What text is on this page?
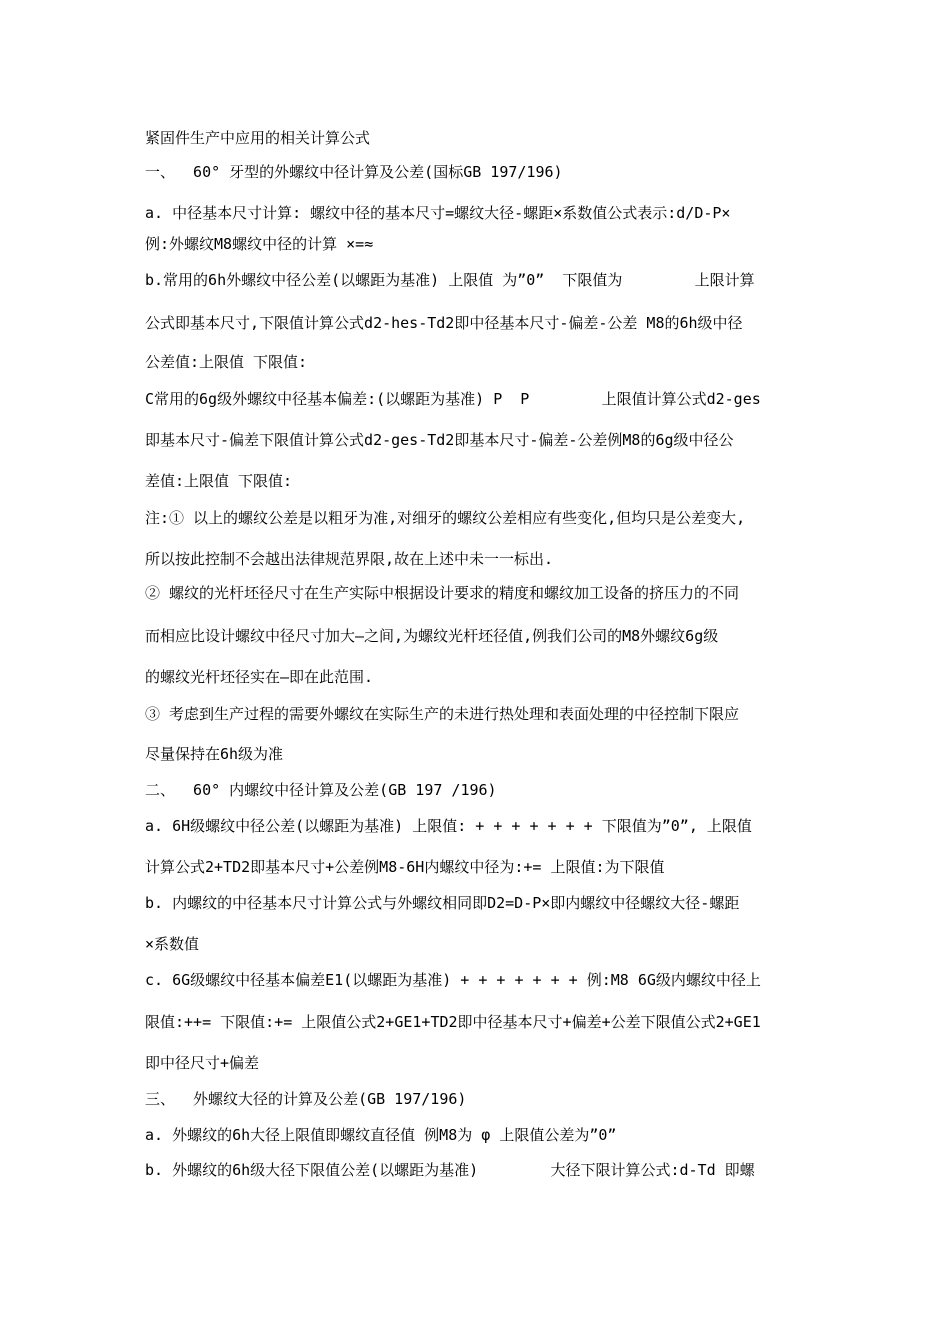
紧固件生产中应用的相关计算公式
一、  60° 牙型的外螺纹中径计算及公差(国标GB 197/196)
a. 中径基本尺寸计算: 螺纹中径的基本尺寸=螺纹大径-螺距×系数值公式表示:d/D-P×
例:外螺纹M8螺纹中径的计算 ×=≈
b.常用的6h外螺纹中径公差(以螺距为基准) 上限值 为”0”  下限值为        上限计算
公式即基本尺寸,下限值计算公式d2-hes-Td2即中径基本尺寸-偏差-公差 M8的6h级中径
公差值:上限值 下限值:
C常用的6g级外螺纹中径基本偏差:(以螺距为基准) P  P        上限值计算公式d2-ges
即基本尺寸-偏差下限值计算公式d2-ges-Td2即基本尺寸-偏差-公差例M8的6g级中径公
差值:上限值 下限值:
注:① 以上的螺纹公差是以粗牙为准,对细牙的螺纹公差相应有些变化,但均只是公差变大,
所以按此控制不会越出法律规范界限,故在上述中未一一标出.
② 螺纹的光杆坯径尺寸在生产实际中根据设计要求的精度和螺纹加工设备的挤压力的不同
而相应比设计螺纹中径尺寸加大—之间,为螺纹光杆坯径值,例我们公司的M8外螺纹6g级
的螺纹光杆坯径实在—即在此范围.
③ 考虑到生产过程的需要外螺纹在实际生产的未进行热处理和表面处理的中径控制下限应
尽量保持在6h级为准
二、  60° 内螺纹中径计算及公差(GB 197 /196)
a. 6H级螺纹中径公差(以螺距为基准) 上限值: + + + + + + + 下限值为”0”, 上限值
计算公式2+TD2即基本尺寸+公差例M8-6H内螺纹中径为:+= 上限值:为下限值
b. 内螺纹的中径基本尺寸计算公式与外螺纹相同即D2=D-P×即内螺纹中径螺纹大径-螺距
×系数值
c. 6G级螺纹中径基本偏差E1(以螺距为基准) + + + + + + + 例:M8 6G级内螺纹中径上
限值:++= 下限值:+= 上限值公式2+GE1+TD2即中径基本尺寸+偏差+公差下限值公式2+GE1
即中径尺寸+偏差
三、  外螺纹大径的计算及公差(GB 197/196)
a. 外螺纹的6h大径上限值即螺纹直径值 例M8为 φ 上限值公差为”0”
b. 外螺纹的6h级大径下限值公差(以螺距为基准)        大径下限计算公式:d-Td 即螺
